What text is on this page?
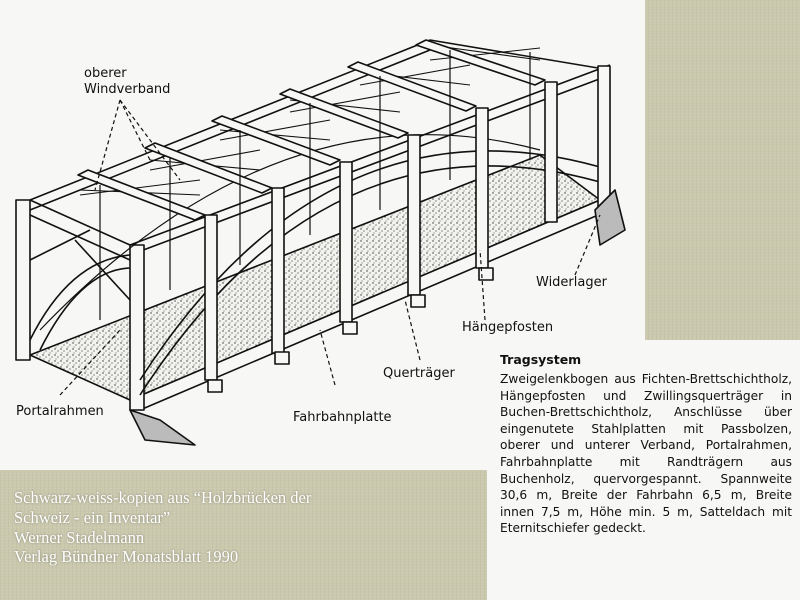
oberer Windverband
Widerlager
Hängepfosten
Querträger
Portalrahmen	Fahrbahnplatte
Tragsystem

Zweigelenkbogen aus Fichten-Brettschichtholz, Hängepfosten und Zwillingsquerträger in Buchen-Brettschichtholz, Anschlüsse über eingenutete Stahlplatten mit Passbolzen, oberer und unterer Verband, Portalrahmen, Fahrbahnplatte mit Randträgern aus Buchenholz, quervorgespannt. Spannweite 30,6 m, Breite der Fahrbahn 6,5 m, Breite innen 7,5 m, Höhe min. 5 m, Satteldach mit Eternitschiefer gedeckt.

Schwarz-weiss-kopien aus “Holzbrücken der
Schweiz - ein Inventar”
Werner Stadelmann
Verlag Bündner Monatsblatt 1990
